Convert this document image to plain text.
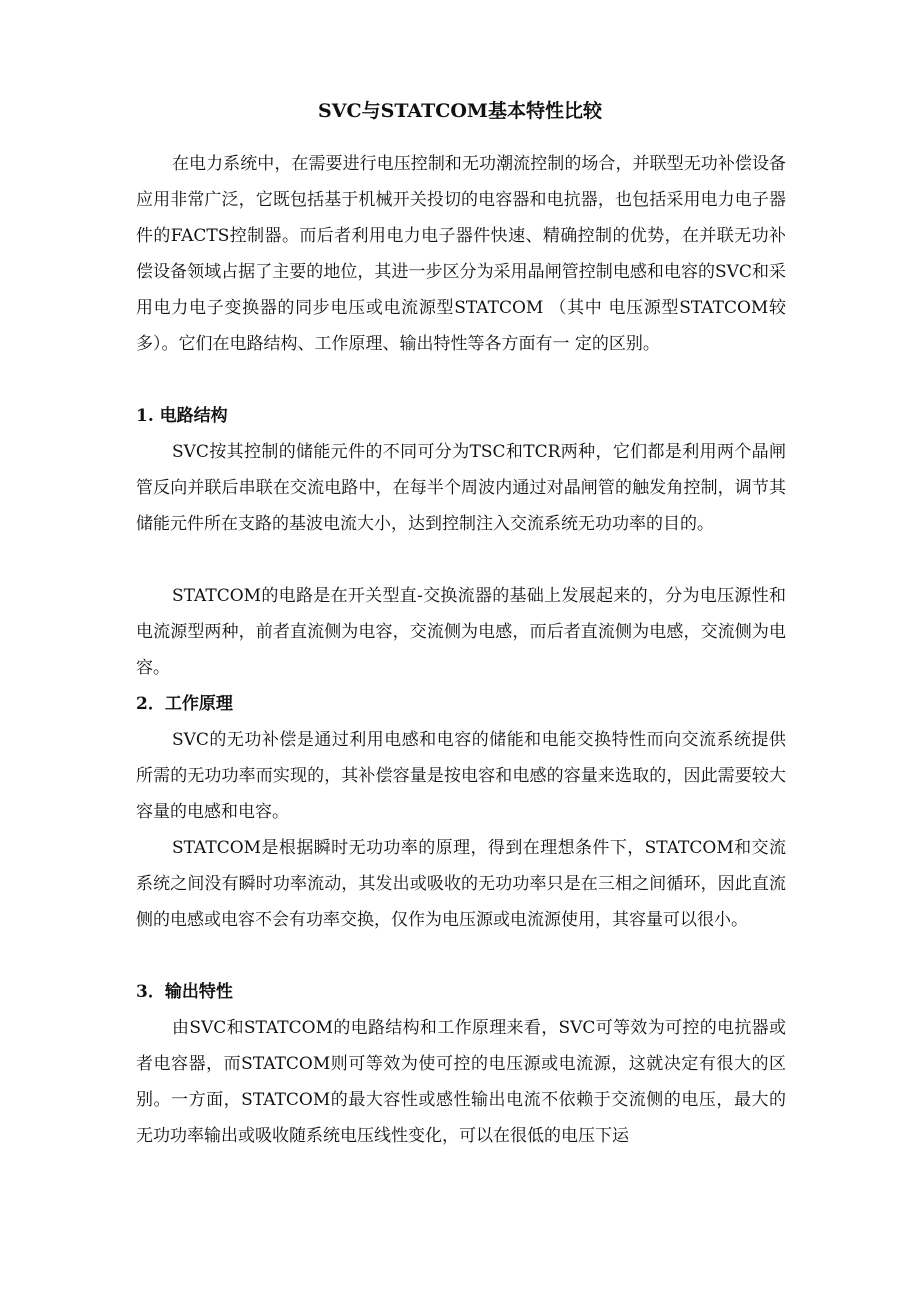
SVC与STATCOM基本特性比较

在电力系统中，在需要进行电压控制和无功潮流控制的场合，并联型无功补偿设备应用非常广泛，它既包括基于机械开关投切的电容器和电抗器，也包括采用电力电子器件的FACTS控制器。而后者利用电力电子器件快速、精确控制的优势，在并联无功补偿设备领域占据了主要的地位，其进一步区分为采用晶闸管控制电感和电容的SVC和采用电力电子变换器的同步电压或电流源型STATCOM （其中 电压源型STATCOM较多）。它们在电路结构、工作原理、输出特性等各方面有一 定的区别。

1. 电路结构

SVC按其控制的储能元件的不同可分为TSC和TCR两种，它们都是利用两个晶闸管反向并联后串联在交流电路中，在每半个周波内通过对晶闸管的触发角控制，调节其储能元件所在支路的基波电流大小，达到控制注入交流系统无功功率的目的。

STATCOM的电路是在开关型直-交换流器的基础上发展起来的，分为电压源性和电流源型两种，前者直流侧为电容，交流侧为电感，而后者直流侧为电感，交流侧为电容。

2．工作原理

SVC的无功补偿是通过利用电感和电容的储能和电能交换特性而向交流系统提供所需的无功功率而实现的，其补偿容量是按电容和电感的容量来选取的，因此需要较大容量的电感和电容。

STATCOM是根据瞬时无功功率的原理，得到在理想条件下，STATCOM和交流系统之间没有瞬时功率流动，其发出或吸收的无功功率只是在三相之间循环，因此直流侧的电感或电容不会有功率交换，仅作为电压源或电流源使用，其容量可以很小。

3．输出特性

由SVC和STATCOM的电路结构和工作原理来看，SVC可等效为可控的电抗器或者电容器，而STATCOM则可等效为使可控的电压源或电流源，这就决定有很大的区别。一方面，STATCOM的最大容性或感性输出电流不依赖于交流侧的电压，最大的无功功率输出或吸收随系统电压线性变化，可以在很低的电压下运
